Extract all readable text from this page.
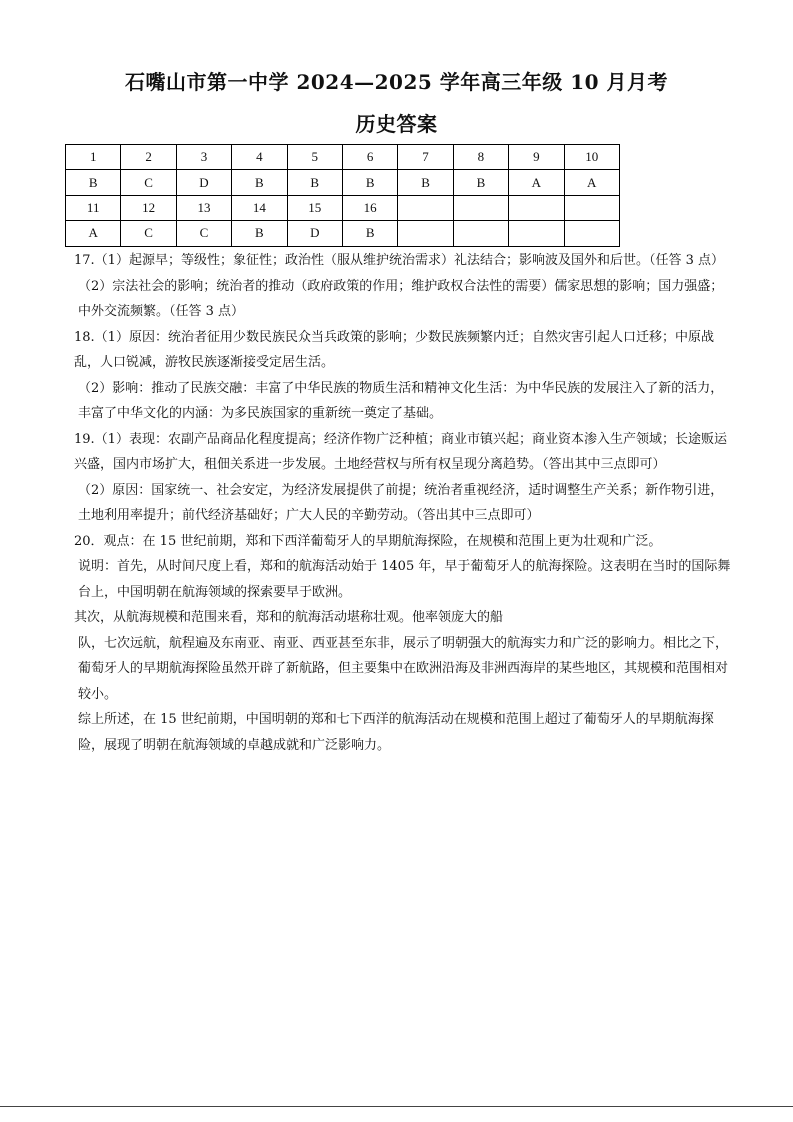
石嘴山市第一中学 2024—2025 学年高三年级 10 月月考
历史答案
1	2	3	4	5	6	7	8	9	10
B	C	D	B	B	B	B	B	A	A
11	12	13	14	15	16				
A	C	C	B	D	B				

17.（1）起源早；等级性；象征性；政治性（服从维护统治需求）礼法结合；影响波及国外和后世。（任答 3 点）

（2）宗法社会的影响；统治者的推动（政府政策的作用；维护政权合法性的需要）儒家思想的影响；国力强盛；中外交流频繁。（任答 3 点）

18.（1）原因：统治者征用少数民族民众当兵政策的影响；少数民族频繁内迁；自然灾害引起人口迁移；中原战乱，人口锐减，游牧民族逐渐接受定居生活。

（2）影响：推动了民族交融：丰富了中华民族的物质生活和精神文化生活：为中华民族的发展注入了新的活力，丰富了中华文化的内涵：为多民族国家的重新统一奠定了基础。

19.（1）表现：农副产品商品化程度提高；经济作物广泛种植；商业市镇兴起；商业资本渗入生产领域；长途贩运兴盛，国内市场扩大，租佃关系进一步发展。土地经营权与所有权呈现分离趋势。（答出其中三点即可）

（2）原因：国家统一、社会安定，为经济发展提供了前提；统治者重视经济，适时调整生产关系；新作物引进，土地利用率提升；前代经济基础好；广大人民的辛勤劳动。（答出其中三点即可）

20．观点：在 15 世纪前期，郑和下西洋葡萄牙人的早期航海探险，在规模和范围上更为壮观和广泛。

说明：首先，从时间尺度上看，郑和的航海活动始于 1405 年，早于葡萄牙人的航海探险。这表明在当时的国际舞台上，中国明朝在航海领域的探索要早于欧洲。

其次，从航海规模和范围来看，郑和的航海活动堪称壮观。他率领庞大的船

队，七次远航，航程遍及东南亚、南亚、西亚甚至东非，展示了明朝强大的航海实力和广泛的影响力。相比之下，葡萄牙人的早期航海探险虽然开辟了新航路，但主要集中在欧洲沿海及非洲西海岸的某些地区，其规模和范围相对较小。

综上所述，在 15 世纪前期，中国明朝的郑和七下西洋的航海活动在规模和范围上超过了葡萄牙人的早期航海探险，展现了明朝在航海领域的卓越成就和广泛影响力。
